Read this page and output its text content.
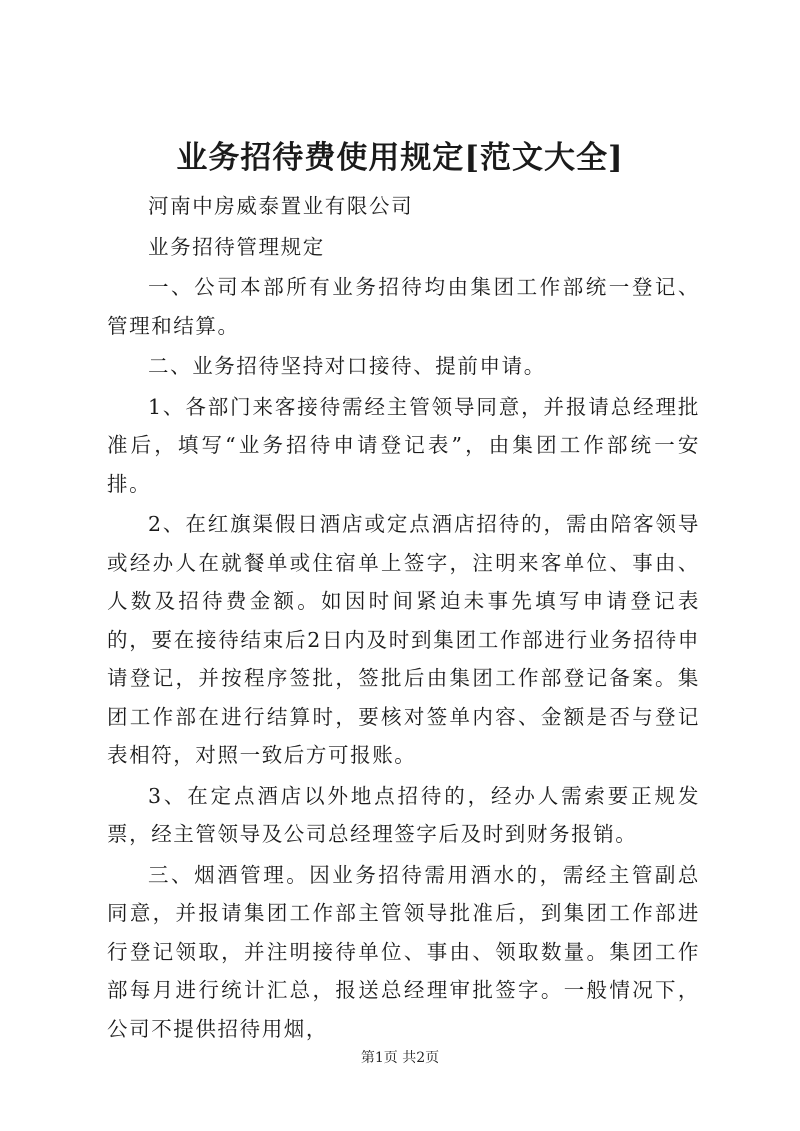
业务招待费使用规定[范文大全]

河南中房威泰置业有限公司

业务招待管理规定

一、公司本部所有业务招待均由集团工作部统一登记、管理和结算。

二、业务招待坚持对口接待、提前申请。

1、各部门来客接待需经主管领导同意，并报请总经理批准后，填写“业务招待申请登记表”，由集团工作部统一安排。

2、在红旗渠假日酒店或定点酒店招待的，需由陪客领导或经办人在就餐单或住宿单上签字，注明来客单位、事由、人数及招待费金额。如因时间紧迫未事先填写申请登记表的，要在接待结束后2日内及时到集团工作部进行业务招待申请登记，并按程序签批，签批后由集团工作部登记备案。集团工作部在进行结算时，要核对签单内容、金额是否与登记表相符，对照一致后方可报账。

3、在定点酒店以外地点招待的，经办人需索要正规发票，经主管领导及公司总经理签字后及时到财务报销。

三、烟酒管理。因业务招待需用酒水的，需经主管副总同意，并报请集团工作部主管领导批准后，到集团工作部进行登记领取，并注明接待单位、事由、领取数量。集团工作部每月进行统计汇总，报送总经理审批签字。一般情况下，公司不提供招待用烟，

第1页 共2页
